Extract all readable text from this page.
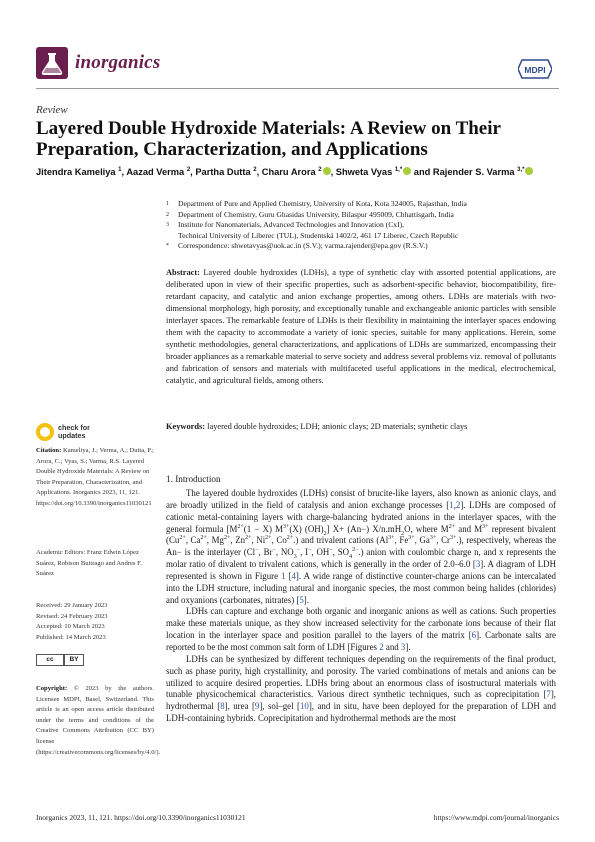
inorganics	MDPI
Review
Layered Double Hydroxide Materials: A Review on Their Preparation, Characterization, and Applications
Jitendra Kameliya $^1$, Aazad Verma $^2$, Partha Dutta $^2$, Charu Arora $^2$ , Shweta Vyas $^{1,*}$ and Rajender S. Varma $^{3,*}$
1	Department of Pure and Applied Chemistry, University of Kota, Kota 324005, Rajasthan, India
2	Department of Chemistry, Guru Ghasidas University, Bilaspur 495009, Chhattisgarh, India
3	Institute for Nanomaterials, Advanced Technologies and Innovation (CxI),
Technical University of Liberec (TUL), Studentská 1402/2, 461 17 Liberec, Czech Republic
*	Correspondence: shwetavyas@uok.ac.in (S.V.); varma.rajender@epa.gov (R.S.V.)
Abstract: Layered double hydroxides (LDHs), a type of synthetic clay with assorted potential applications, are deliberated upon in view of their specific properties, such as adsorbent-specific behavior, biocompatibility, fire-retardant capacity, and catalytic and anion exchange properties, among others. LDHs are materials with two-dimensional morphology, high porosity, and exceptionally tunable and exchangeable anionic particles with sensible interlayer spaces. The remarkable feature of LDHs is their flexibility in maintaining the interlayer spaces endowing them with the capacity to accommodate a variety of ionic species, suitable for many applications. Herein, some synthetic methodologies, general characterizations, and applications of LDHs are summarized, encompassing their broader appliances as a remarkable material to serve society and address several problems viz. removal of pollutants and fabrication of sensors and materials with multifaceted useful applications in the medical, electrochemical, catalytic, and agricultural fields, among others.
Keywords: layered double hydroxides; LDH; anionic clays; 2D materials; synthetic clays
check for
updates
Citation: Kameliya, J.; Verma, A.; Dutta, P.; Arora, C.; Vyas, S.; Varma, R.S. Layered Double Hydroxide Materials: A Review on Their Preparation, Characterization, and Applications. Inorganics 2023, 11, 121. https://doi.org/10.3390/inorganics11030121
Academic Editors: Franz Edwin López Suárez, Robison Buitrago and Andres F. Suárez
Received: 29 January 2023
Revised: 24 February 2023
Accepted: 10 March 2023
Published: 14 March 2023
cc	BY
Copyright: © 2023 by the authors. Licensee MDPI, Basel, Switzerland. This article is an open access article distributed under the terms and conditions of the Creative Commons Attribution (CC BY) license (https://creativecommons.org/licenses/by/4.0/).
1. Introduction

The layered double hydroxides (LDHs) consist of brucite-like layers, also known as anionic clays, and are broadly utilized in the field of catalysis and anion exchange processes [1,2]. LDHs are composed of cationic metal-containing layers with charge-balancing hydrated anions in the interlayer spaces, with the general formula [$M^{2+}(1 - X)$ $M^{3+}(X)$ $(OH)_2$] X+ (An−) $X/n.mH_2O$, where $M^{2+}$ and $M^{3+}$ represent bivalent ($Cu^{2+}$, $Ca^{2+}$, $Mg^{2+}$, $Zn^{2+}$, $Ni^{2+}$, $Co^{2+}$.) and trivalent cations ($Al^{3+}$, $Fe^{3+}$, $Ga^{3+}$, $Cr^{3+}$.), respectively, whereas the An− is the interlayer (Cl−, Br−, $NO_3^-$, I−, OH−, $SO_4^{2-}$.) anion with coulombic charge n, and x represents the molar ratio of divalent to trivalent cations, which is generally in the order of 2.0–6.0 [3]. A diagram of LDH represented is shown in Figure 1 [4]. A wide range of distinctive counter-charge anions can be intercalated into the LDH structure, including natural and inorganic species, the most common being halides (chlorides) and oxyanions (carbonates, nitrates) [5].

LDHs can capture and exchange both organic and inorganic anions as well as cations. Such properties make these materials unique, as they show increased selectivity for the carbonate ions because of their flat location in the interlayer space and position parallel to the layers of the matrix [6]. Carbonate salts are reported to be the most common salt form of LDH [Figures 2 and 3].

LDHs can be synthesized by different techniques depending on the requirements of the final product, such as phase purity, high crystallinity, and porosity. The varied combinations of metals and anions can be utilized to acquire desired properties. LDHs bring about an enormous class of isostructural materials with tunable physicochemical characteristics. Various direct synthetic techniques, such as coprecipitation [7], hydrothermal [8], urea [9], sol–gel [10], and in situ, have been deployed for the preparation of LDH and LDH-containing hybrids. Coprecipitation and hydrothermal methods are the most

Inorganics 2023, 11, 121. https://doi.org/10.3390/inorganics11030121	https://www.mdpi.com/journal/inorganics
